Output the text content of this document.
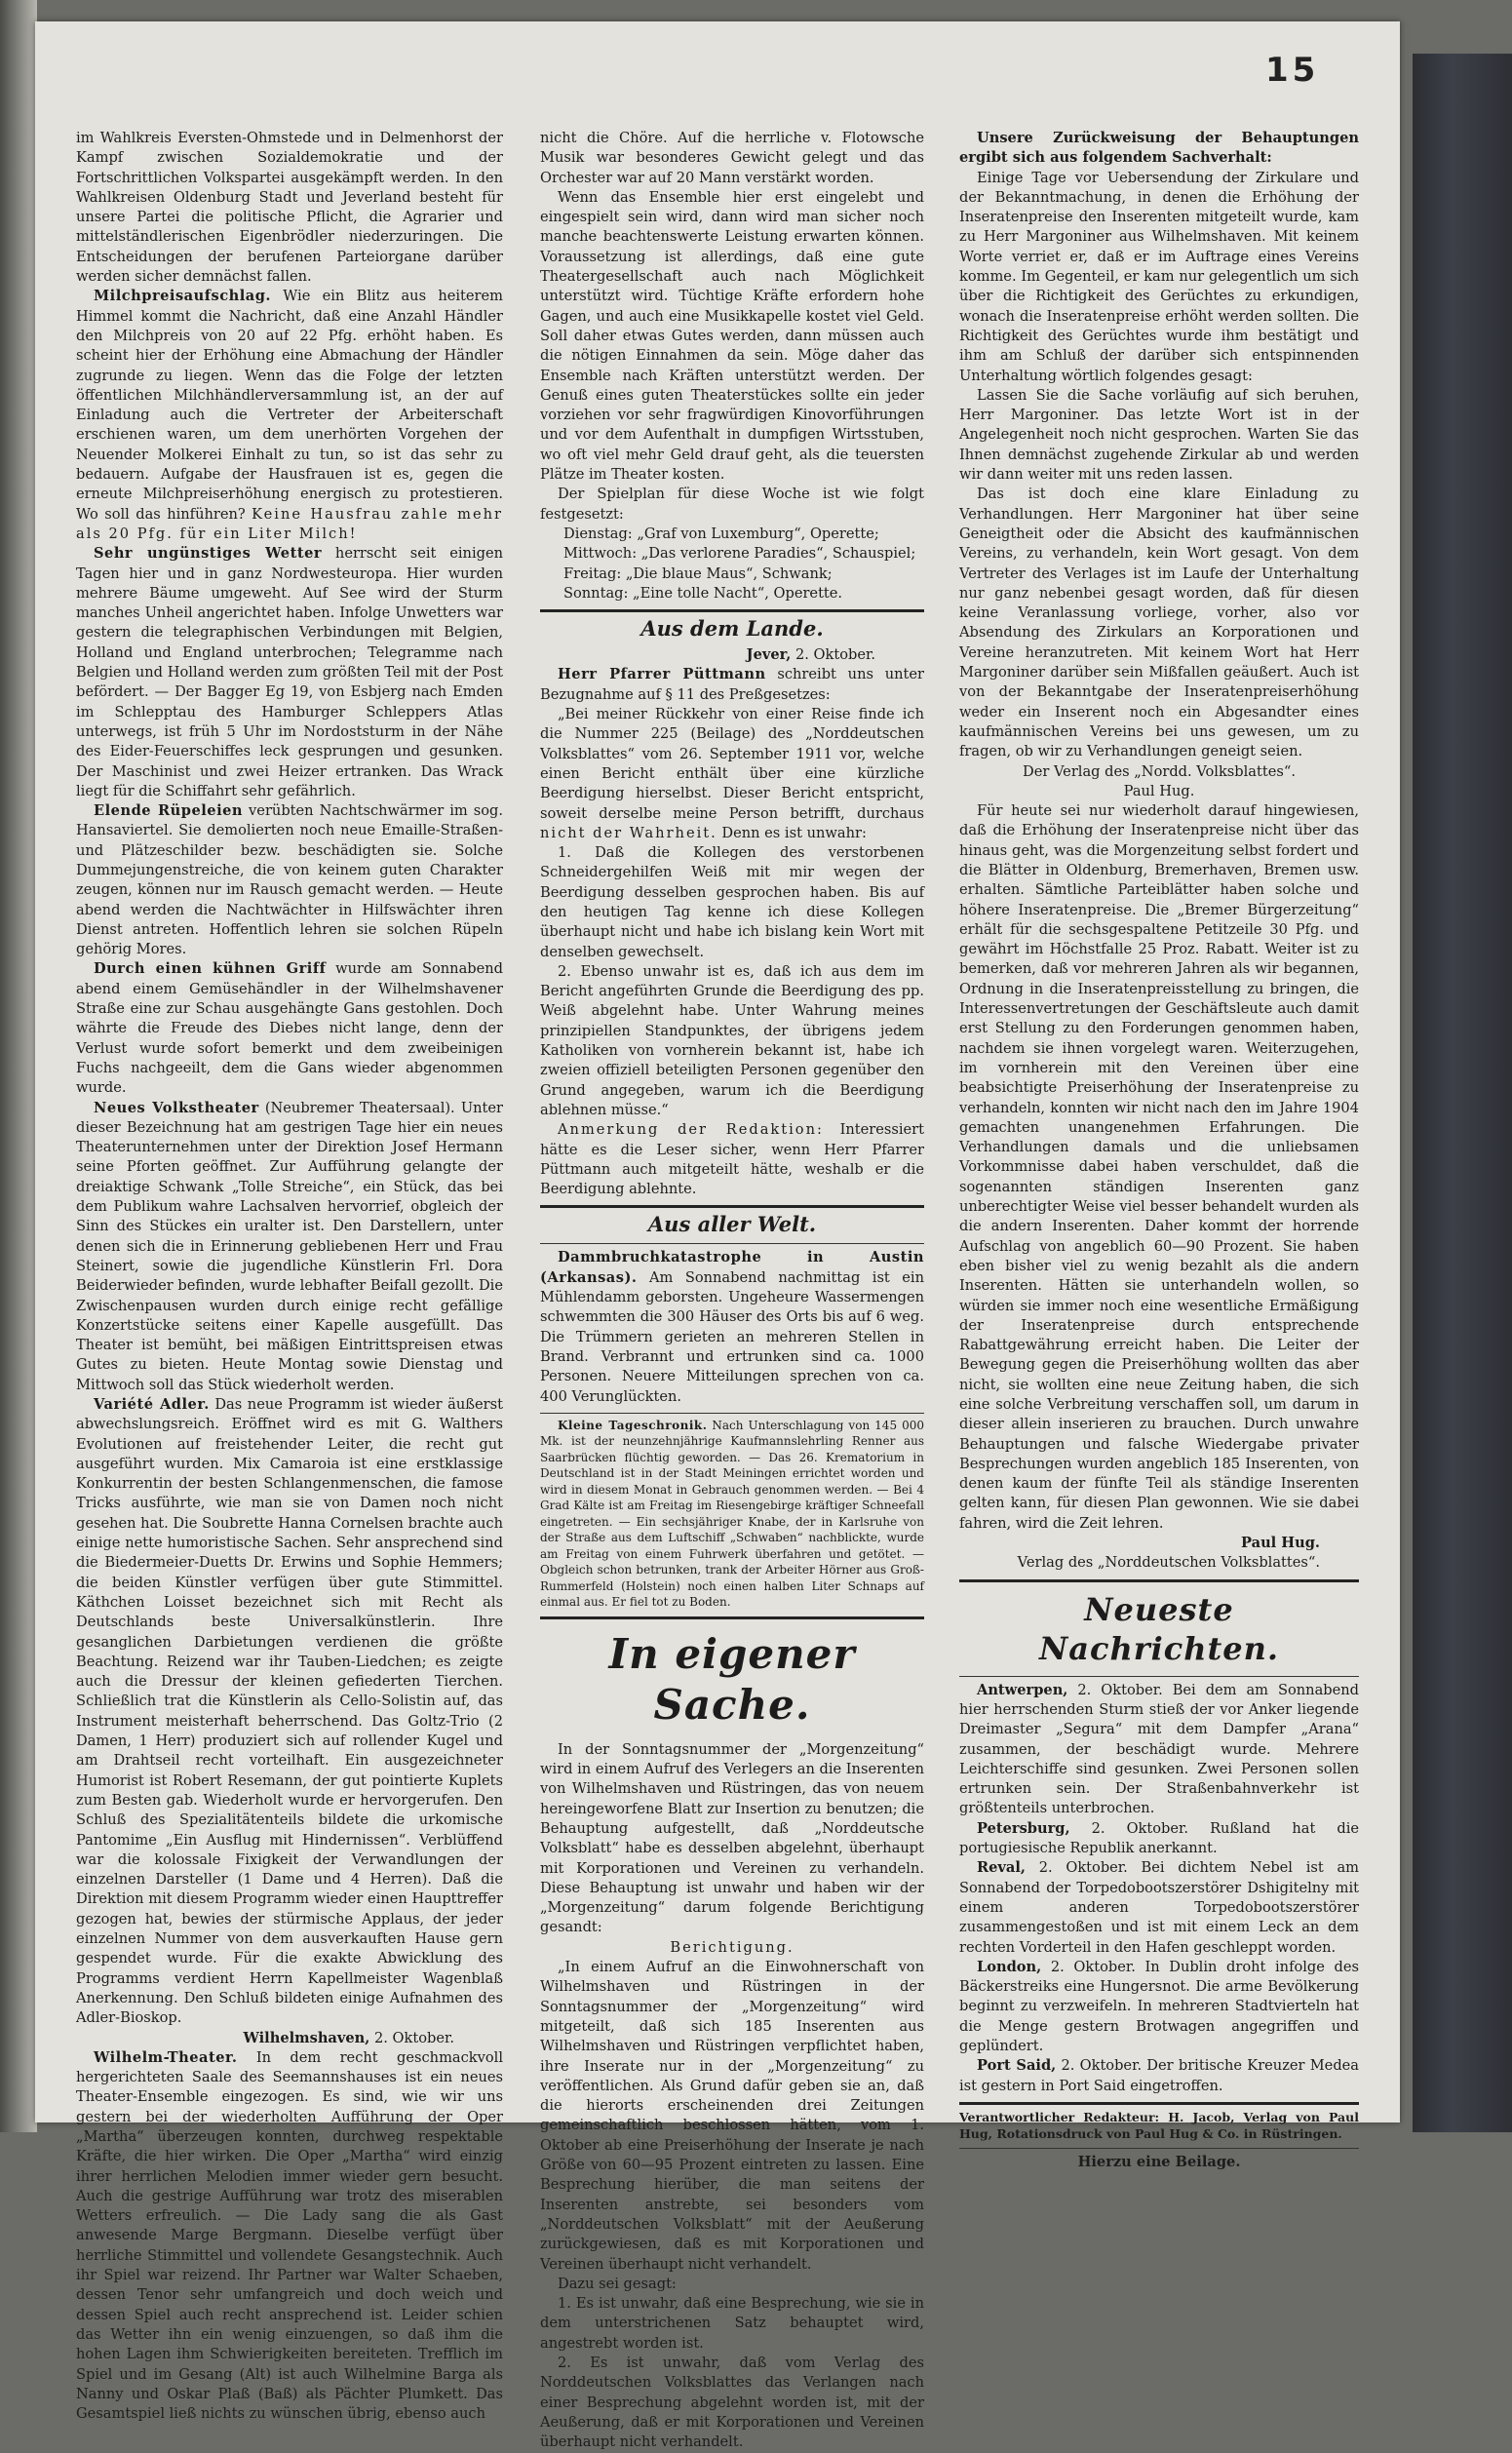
15

im Wahlkreis Eversten-Ohmstede und in Delmenhorst der Kampf zwischen Sozialdemokratie und der Fortschrittlichen Volkspartei ausgekämpft werden. In den Wahlkreisen Oldenburg Stadt und Jeverland besteht für unsere Partei die politische Pflicht, die Agrarier und mittelständlerischen Eigenbrödler niederzuringen. Die Entscheidungen der berufenen Parteiorgane darüber werden sicher demnächst fallen.

Milchpreisaufschlag. Wie ein Blitz aus heiterem Himmel kommt die Nachricht, daß eine Anzahl Händler den Milchpreis von 20 auf 22 Pfg. erhöht haben. Es scheint hier der Erhöhung eine Abmachung der Händler zugrunde zu liegen. Wenn das die Folge der letzten öffentlichen Milchhändlerversammlung ist, an der auf Einladung auch die Vertreter der Arbeiterschaft erschienen waren, um dem unerhörten Vorgehen der Neuender Molkerei Einhalt zu tun, so ist das sehr zu bedauern. Aufgabe der Hausfrauen ist es, gegen die erneute Milchpreiserhöhung energisch zu protestieren. Wo soll das hinführen? Keine Hausfrau zahle mehr als 20 Pfg. für ein Liter Milch!

Sehr ungünstiges Wetter herrscht seit einigen Tagen hier und in ganz Nordwesteuropa. Hier wurden mehrere Bäume umgeweht. Auf See wird der Sturm manches Unheil angerichtet haben. Infolge Unwetters war gestern die telegraphischen Verbindungen mit Belgien, Holland und England unterbrochen; Telegramme nach Belgien und Holland werden zum größten Teil mit der Post befördert. — Der Bagger Eg 19, von Esbjerg nach Emden im Schlepptau des Hamburger Schleppers Atlas unterwegs, ist früh 5 Uhr im Nordoststurm in der Nähe des Eider-Feuerschiffes leck gesprungen und gesunken. Der Maschinist und zwei Heizer ertranken. Das Wrack liegt für die Schiffahrt sehr gefährlich.

Elende Rüpeleien verübten Nachtschwärmer im sog. Hansaviertel. Sie demolierten noch neue Emaille-Straßen- und Plätzeschilder bezw. beschädigten sie. Solche Dummejungenstreiche, die von keinem guten Charakter zeugen, können nur im Rausch gemacht werden. — Heute abend werden die Nachtwächter in Hilfswächter ihren Dienst antreten. Hoffentlich lehren sie solchen Rüpeln gehörig Mores.

Durch einen kühnen Griff wurde am Sonnabend abend einem Gemüsehändler in der Wilhelmshavener Straße eine zur Schau ausgehängte Gans gestohlen. Doch währte die Freude des Diebes nicht lange, denn der Verlust wurde sofort bemerkt und dem zweibeinigen Fuchs nachgeeilt, dem die Gans wieder abgenommen wurde.

Neues Volkstheater (Neubremer Theatersaal). Unter dieser Bezeichnung hat am gestrigen Tage hier ein neues Theaterunternehmen unter der Direktion Josef Hermann seine Pforten geöffnet. Zur Aufführung gelangte der dreiaktige Schwank „Tolle Streiche“, ein Stück, das bei dem Publikum wahre Lachsalven hervorrief, obgleich der Sinn des Stückes ein uralter ist. Den Darstellern, unter denen sich die in Erinnerung gebliebenen Herr und Frau Steinert, sowie die jugendliche Künstlerin Frl. Dora Beiderwieder befinden, wurde lebhafter Beifall gezollt. Die Zwischenpausen wurden durch einige recht gefällige Konzertstücke seitens einer Kapelle ausgefüllt. Das Theater ist bemüht, bei mäßigen Eintrittspreisen etwas Gutes zu bieten. Heute Montag sowie Dienstag und Mittwoch soll das Stück wiederholt werden.

Variété Adler. Das neue Programm ist wieder äußerst abwechslungsreich. Eröffnet wird es mit G. Walthers Evolutionen auf freistehender Leiter, die recht gut ausgeführt wurden. Mix Camaroia ist eine erstklassige Konkurrentin der besten Schlangenmenschen, die famose Tricks ausführte, wie man sie von Damen noch nicht gesehen hat. Die Soubrette Hanna Cornelsen brachte auch einige nette humoristische Sachen. Sehr ansprechend sind die Biedermeier-Duetts Dr. Erwins und Sophie Hemmers; die beiden Künstler verfügen über gute Stimmittel. Käthchen Loisset bezeichnet sich mit Recht als Deutschlands beste Universalkünstlerin. Ihre gesanglichen Darbietungen verdienen die größte Beachtung. Reizend war ihr Tauben-Liedchen; es zeigte auch die Dressur der kleinen gefiederten Tierchen. Schließlich trat die Künstlerin als Cello-Solistin auf, das Instrument meisterhaft beherrschend. Das Goltz-Trio (2 Damen, 1 Herr) produziert sich auf rollender Kugel und am Drahtseil recht vorteilhaft. Ein ausgezeichneter Humorist ist Robert Resemann, der gut pointierte Kuplets zum Besten gab. Wiederholt wurde er hervorgerufen. Den Schluß des Spezialitätenteils bildete die urkomische Pantomime „Ein Ausflug mit Hindernissen“. Verblüffend war die kolossale Fixigkeit der Verwandlungen der einzelnen Darsteller (1 Dame und 4 Herren). Daß die Direktion mit diesem Programm wieder einen Haupttreffer gezogen hat, bewies der stürmische Applaus, der jeder einzelnen Nummer von dem ausverkauften Hause gern gespendet wurde. Für die exakte Abwicklung des Programms verdient Herrn Kapellmeister Wagenblaß Anerkennung. Den Schluß bildeten einige Aufnahmen des Adler-Bioskop.

Wilhelmshaven, 2. Oktober.

Wilhelm-Theater. In dem recht geschmackvoll hergerichteten Saale des Seemannshauses ist ein neues Theater-Ensemble eingezogen. Es sind, wie wir uns gestern bei der wiederholten Aufführung der Oper „Martha“ überzeugen konnten, durchweg respektable Kräfte, die hier wirken. Die Oper „Martha“ wird einzig ihrer herrlichen Melodien immer wieder gern besucht. Auch die gestrige Aufführung war trotz des miserablen Wetters erfreulich. — Die Lady sang die als Gast anwesende Marge Bergmann. Dieselbe verfügt über herrliche Stimmittel und vollendete Gesangstechnik. Auch ihr Spiel war reizend. Ihr Partner war Walter Schaeben, dessen Tenor sehr umfangreich und doch weich und dessen Spiel auch recht ansprechend ist. Leider schien das Wetter ihn ein wenig einzuengen, so daß ihm die hohen Lagen ihm Schwierigkeiten bereiteten. Trefflich im Spiel und im Gesang (Alt) ist auch Wilhelmine Barga als Nanny und Oskar Plaß (Baß) als Pächter Plumkett. Das Gesamtspiel ließ nichts zu wünschen übrig, ebenso auch

nicht die Chöre. Auf die herrliche v. Flotowsche Musik war besonderes Gewicht gelegt und das Orchester war auf 20 Mann verstärkt worden.

Wenn das Ensemble hier erst eingelebt und eingespielt sein wird, dann wird man sicher noch manche beachtenswerte Leistung erwarten können. Voraussetzung ist allerdings, daß eine gute Theatergesellschaft auch nach Möglichkeit unterstützt wird. Tüchtige Kräfte erfordern hohe Gagen, und auch eine Musikkapelle kostet viel Geld. Soll daher etwas Gutes werden, dann müssen auch die nötigen Einnahmen da sein. Möge daher das Ensemble nach Kräften unterstützt werden. Der Genuß eines guten Theaterstückes sollte ein jeder vorziehen vor sehr fragwürdigen Kinovorführungen und vor dem Aufenthalt in dumpfigen Wirtsstuben, wo oft viel mehr Geld drauf geht, als die teuersten Plätze im Theater kosten.

Der Spielplan für diese Woche ist wie folgt festgesetzt:

Dienstag: „Graf von Luxemburg“, Operette;

Mittwoch: „Das verlorene Paradies“, Schauspiel;

Freitag: „Die blaue Maus“, Schwank;

Sonntag: „Eine tolle Nacht“, Operette.

Aus dem Lande.

Jever, 2. Oktober.

Herr Pfarrer Püttmann schreibt uns unter Bezugnahme auf § 11 des Preßgesetzes:

„Bei meiner Rückkehr von einer Reise finde ich die Nummer 225 (Beilage) des „Norddeutschen Volksblattes“ vom 26. September 1911 vor, welche einen Bericht enthält über eine kürzliche Beerdigung hierselbst. Dieser Bericht entspricht, soweit derselbe meine Person betrifft, durchaus nicht der Wahrheit. Denn es ist unwahr:

1. Daß die Kollegen des verstorbenen Schneidergehilfen Weiß mit mir wegen der Beerdigung desselben gesprochen haben. Bis auf den heutigen Tag kenne ich diese Kollegen überhaupt nicht und habe ich bislang kein Wort mit denselben gewechselt.

2. Ebenso unwahr ist es, daß ich aus dem im Bericht angeführten Grunde die Beerdigung des pp. Weiß abgelehnt habe. Unter Wahrung meines prinzipiellen Standpunktes, der übrigens jedem Katholiken von vornherein bekannt ist, habe ich zweien offiziell beteiligten Personen gegenüber den Grund angegeben, warum ich die Beerdigung ablehnen müsse.“

Anmerkung der Redaktion: Interessiert hätte es die Leser sicher, wenn Herr Pfarrer Püttmann auch mitgeteilt hätte, weshalb er die Beerdigung ablehnte.

Aus aller Welt.

Dammbruchkatastrophe in Austin (Arkansas). Am Sonnabend nachmittag ist ein Mühlendamm geborsten. Ungeheure Wassermengen schwemmten die 300 Häuser des Orts bis auf 6 weg. Die Trümmern gerieten an mehreren Stellen in Brand. Verbrannt und ertrunken sind ca. 1000 Personen. Neuere Mitteilungen sprechen von ca. 400 Verunglückten.

Kleine Tageschronik. Nach Unterschlagung von 145 000 Mk. ist der neunzehnjährige Kaufmannslehrling Renner aus Saarbrücken flüchtig geworden. — Das 26. Krematorium in Deutschland ist in der Stadt Meiningen errichtet worden und wird in diesem Monat in Gebrauch genommen werden. — Bei 4 Grad Kälte ist am Freitag im Riesengebirge kräftiger Schneefall eingetreten. — Ein sechsjähriger Knabe, der in Karlsruhe von der Straße aus dem Luftschiff „Schwaben“ nachblickte, wurde am Freitag von einem Fuhrwerk überfahren und getötet. — Obgleich schon betrunken, trank der Arbeiter Hörner aus Groß-Rummerfeld (Holstein) noch einen halben Liter Schnaps auf einmal aus. Er fiel tot zu Boden.

In eigener Sache.

In der Sonntagsnummer der „Morgenzeitung“ wird in einem Aufruf des Verlegers an die Inserenten von Wilhelmshaven und Rüstringen, das von neuem hereingeworfene Blatt zur Insertion zu benutzen; die Behauptung aufgestellt, daß „Norddeutsche Volksblatt“ habe es desselben abgelehnt, überhaupt mit Korporationen und Vereinen zu verhandeln. Diese Behauptung ist unwahr und haben wir der „Morgenzeitung“ darum folgende Berichtigung gesandt:

Berichtigung.

„In einem Aufruf an die Einwohnerschaft von Wilhelmshaven und Rüstringen in der Sonntagsnummer der „Morgenzeitung“ wird mitgeteilt, daß sich 185 Inserenten aus Wilhelmshaven und Rüstringen verpflichtet haben, ihre Inserate nur in der „Morgenzeitung“ zu veröffentlichen. Als Grund dafür geben sie an, daß die hierorts erscheinenden drei Zeitungen gemeinschaftlich beschlossen hätten, vom 1. Oktober ab eine Preiserhöhung der Inserate je nach Größe von 60—95 Prozent eintreten zu lassen. Eine Besprechung hierüber, die man seitens der Inserenten anstrebte, sei besonders vom „Norddeutschen Volksblatt“ mit der Aeußerung zurückgewiesen, daß es mit Korporationen und Vereinen überhaupt nicht verhandelt.

Dazu sei gesagt:

1. Es ist unwahr, daß eine Besprechung, wie sie in dem unterstrichenen Satz behauptet wird, angestrebt worden ist.

2. Es ist unwahr, daß vom Verlag des Norddeutschen Volksblattes das Verlangen nach einer Besprechung abgelehnt worden ist, mit der Aeußerung, daß er mit Korporationen und Vereinen überhaupt nicht verhandelt.

Unsere Zurückweisung der Behauptungen ergibt sich aus folgendem Sachverhalt:

Einige Tage vor Uebersendung der Zirkulare und der Bekanntmachung, in denen die Erhöhung der Inseratenpreise den Inserenten mitgeteilt wurde, kam zu Herr Margoniner aus Wilhelmshaven. Mit keinem Worte verriet er, daß er im Auftrage eines Vereins komme. Im Gegenteil, er kam nur gelegentlich um sich über die Richtigkeit des Gerüchtes zu erkundigen, wonach die Inseratenpreise erhöht werden sollten. Die Richtigkeit des Gerüchtes wurde ihm bestätigt und ihm am Schluß der darüber sich entspinnenden Unterhaltung wörtlich folgendes gesagt:

Lassen Sie die Sache vorläufig auf sich beruhen, Herr Margoniner. Das letzte Wort ist in der Angelegenheit noch nicht gesprochen. Warten Sie das Ihnen demnächst zugehende Zirkular ab und werden wir dann weiter mit uns reden lassen.

Das ist doch eine klare Einladung zu Verhandlungen. Herr Margoniner hat über seine Geneigtheit oder die Absicht des kaufmännischen Vereins, zu verhandeln, kein Wort gesagt. Von dem Vertreter des Verlages ist im Laufe der Unterhaltung nur ganz nebenbei gesagt worden, daß für diesen keine Veranlassung vorliege, vorher, also vor Absendung des Zirkulars an Korporationen und Vereine heranzutreten. Mit keinem Wort hat Herr Margoniner darüber sein Mißfallen geäußert. Auch ist von der Bekanntgabe der Inseratenpreiserhöhung weder ein Inserent noch ein Abgesandter eines kaufmännischen Vereins bei uns gewesen, um zu fragen, ob wir zu Verhandlungen geneigt seien.

Der Verlag des „Nordd. Volksblattes“.

Paul Hug.

Für heute sei nur wiederholt darauf hingewiesen, daß die Erhöhung der Inseratenpreise nicht über das hinaus geht, was die Morgenzeitung selbst fordert und die Blätter in Oldenburg, Bremerhaven, Bremen usw. erhalten. Sämtliche Parteiblätter haben solche und höhere Inseratenpreise. Die „Bremer Bürgerzeitung“ erhält für die sechsgespaltene Petitzeile 30 Pfg. und gewährt im Höchstfalle 25 Proz. Rabatt. Weiter ist zu bemerken, daß vor mehreren Jahren als wir begannen, Ordnung in die Inseratenpreisstellung zu bringen, die Interessenvertretungen der Geschäftsleute auch damit erst Stellung zu den Forderungen genommen haben, nachdem sie ihnen vorgelegt waren. Weiterzugehen, im vornherein mit den Vereinen über eine beabsichtigte Preiserhöhung der Inseratenpreise zu verhandeln, konnten wir nicht nach den im Jahre 1904 gemachten unangenehmen Erfahrungen. Die Verhandlungen damals und die unliebsamen Vorkommnisse dabei haben verschuldet, daß die sogenannten ständigen Inserenten ganz unberechtigter Weise viel besser behandelt wurden als die andern Inserenten. Daher kommt der horrende Aufschlag von angeblich 60—90 Prozent. Sie haben eben bisher viel zu wenig bezahlt als die andern Inserenten. Hätten sie unterhandeln wollen, so würden sie immer noch eine wesentliche Ermäßigung der Inseratenpreise durch entsprechende Rabattgewährung erreicht haben. Die Leiter der Bewegung gegen die Preiserhöhung wollten das aber nicht, sie wollten eine neue Zeitung haben, die sich eine solche Verbreitung verschaffen soll, um darum in dieser allein inserieren zu brauchen. Durch unwahre Behauptungen und falsche Wiedergabe privater Besprechungen wurden angeblich 185 Inserenten, von denen kaum der fünfte Teil als ständige Inserenten gelten kann, für diesen Plan gewonnen. Wie sie dabei fahren, wird die Zeit lehren.

Paul Hug.

Verlag des „Norddeutschen Volksblattes“.

Neueste Nachrichten.

Antwerpen, 2. Oktober. Bei dem am Sonnabend hier herrschenden Sturm stieß der vor Anker liegende Dreimaster „Segura“ mit dem Dampfer „Arana“ zusammen, der beschädigt wurde. Mehrere Leichterschiffe sind gesunken. Zwei Personen sollen ertrunken sein. Der Straßenbahnverkehr ist größtenteils unterbrochen.

Petersburg, 2. Oktober. Rußland hat die portugiesische Republik anerkannt.

Reval, 2. Oktober. Bei dichtem Nebel ist am Sonnabend der Torpedobootszerstörer Dshigitelny mit einem anderen Torpedobootszerstörer zusammengestoßen und ist mit einem Leck an dem rechten Vorderteil in den Hafen geschleppt worden.

London, 2. Oktober. In Dublin droht infolge des Bäckerstreiks eine Hungersnot. Die arme Bevölkerung beginnt zu verzweifeln. In mehreren Stadtvierteln hat die Menge gestern Brotwagen angegriffen und geplündert.

Port Said, 2. Oktober. Der britische Kreuzer Medea ist gestern in Port Said eingetroffen.

Verantwortlicher Redakteur: H. Jacob, Verlag von Paul Hug, Rotationsdruck von Paul Hug & Co. in Rüstringen.

Hierzu eine Beilage.
